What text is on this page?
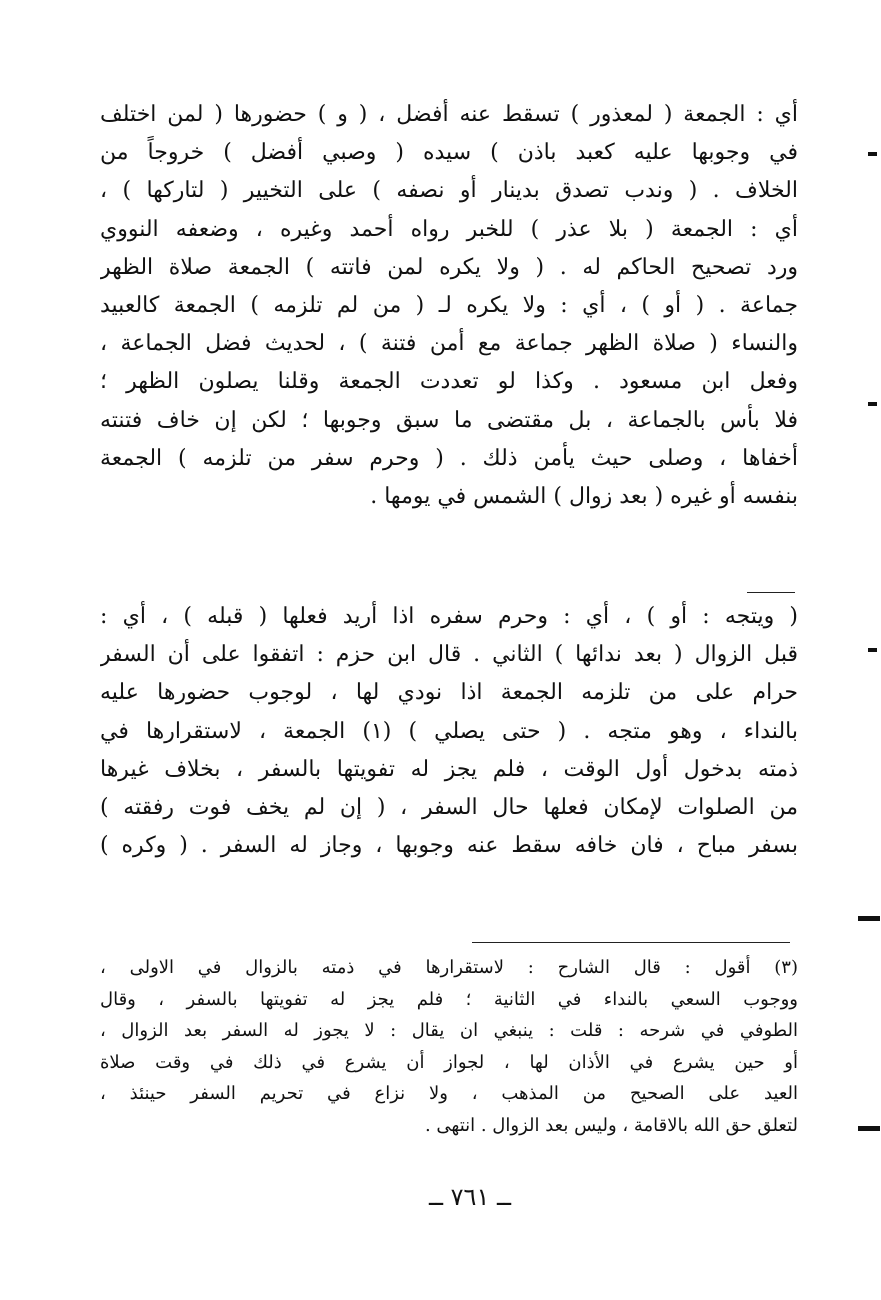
أي : الجمعة ( لمعذور ) تسقط عنه أفضل ، ( و ) حضورها ( لمن اختلف
في وجوبها عليه كعبد باذن ) سيده ( وصبي أفضل ) خروجاً من
الخلاف . ( وندب تصدق بدينار أو نصفه ) على التخيير ( لتاركها ) ،
أي : الجمعة ( بلا عذر ) للخبر رواه أحمد وغيره ، وضعفه النووي
ورد تصحيح الحاكم له . ( ولا يكره لمن فاتته ) الجمعة صلاة الظهر
جماعة . ( أو ) ، أي : ولا يكره لـ ( من لم تلزمه ) الجمعة كالعبيد
والنساء ( صلاة الظهر جماعة مع أمن فتنة ) ، لحديث فضل الجماعة ،
وفعل ابن مسعود . وكذا لو تعددت الجمعة وقلنا يصلون الظهر ؛
فلا بأس بالجماعة ، بل مقتضى ما سبق وجوبها ؛ لكن إن خاف فتنته
أخفاها ، وصلى حيث يأمن ذلك . ( وحرم سفر من تلزمه ) الجمعة
بنفسه أو غيره ( بعد زوال ) الشمس في يومها .
( ويتجه : أو ) ، أي : وحرم سفره اذا أريد فعلها ( قبله ) ، أي :
قبل الزوال ( بعد ندائها ) الثاني . قال ابن حزم : اتفقوا على أن السفر
حرام على من تلزمه الجمعة اذا نودي لها ، لوجوب حضورها عليه
بالنداء ، وهو متجه . ( حتى يصلي ) (١) الجمعة ، لاستقرارها في
ذمته بدخول أول الوقت ، فلم يجز له تفويتها بالسفر ، بخلاف غيرها
من الصلوات لإمكان فعلها حال السفر ، ( إن لم يخف فوت رفقته )
بسفر مباح ، فان خافه سقط عنه وجوبها ، وجاز له السفر . ( وكره )
(٣) أقول : قال الشارح : لاستقرارها في ذمته بالزوال في الاولى ،
ووجوب السعي بالنداء في الثانية ؛ فلم يجز له تفويتها بالسفر ، وقال
الطوفي في شرحه : قلت : ينبغي ان يقال : لا يجوز له السفر بعد الزوال ،
أو حين يشرع في الأذان لها ، لجواز أن يشرع في ذلك في وقت صلاة
العيد على الصحيح من المذهب ، ولا نزاع في تحريم السفر حينئذ ،
لتعلق حق الله بالاقامة ، وليس بعد الزوال . انتهى .
ــ ٧٦١ ــ
